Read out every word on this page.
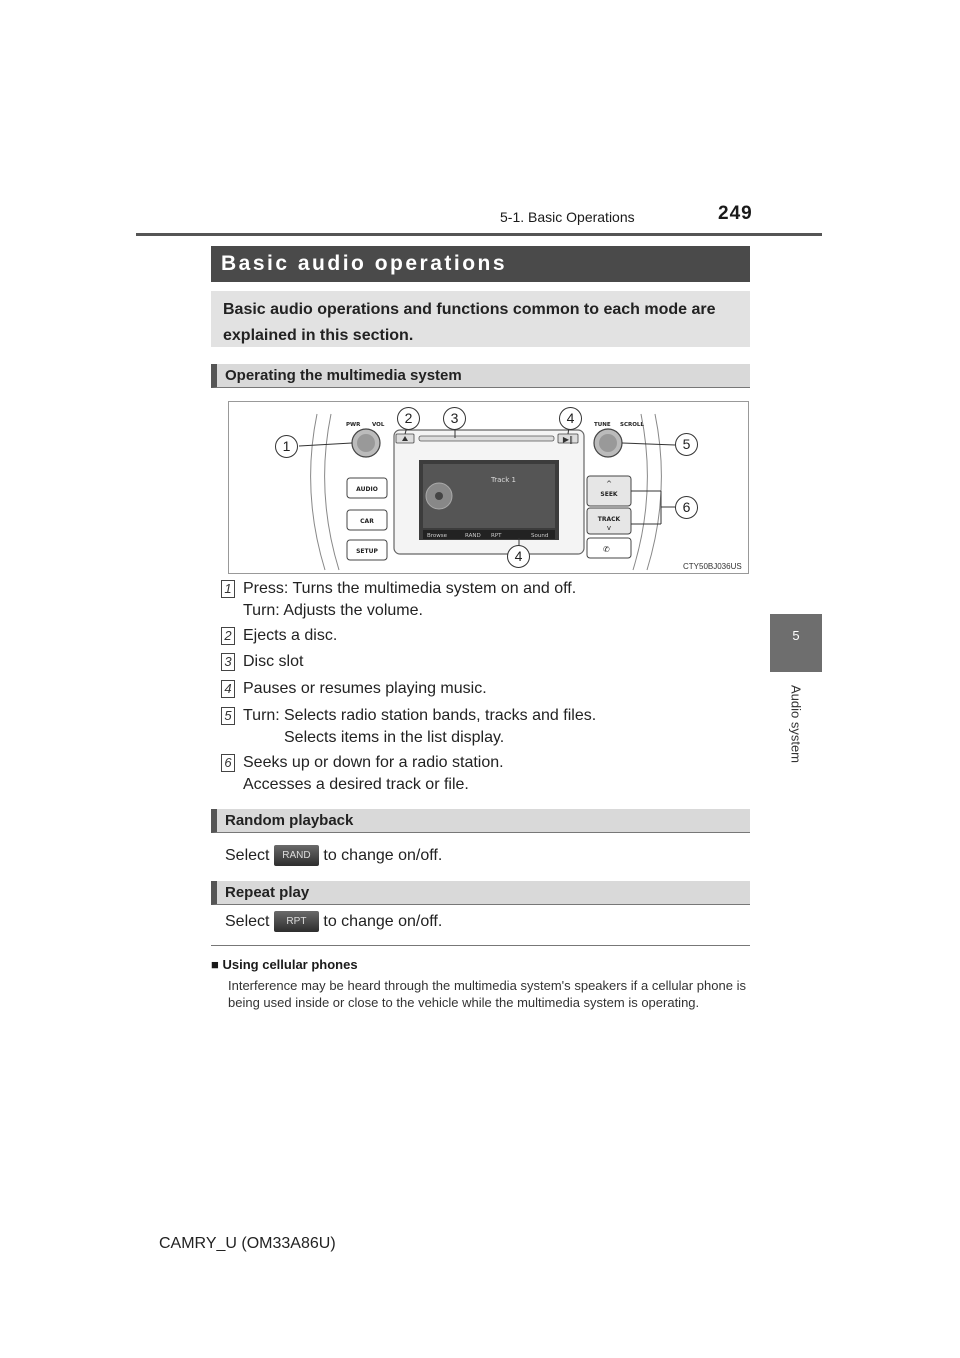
5-1. Basic Operations	249
5
Audio system
Basic audio operations
Basic audio operations and functions common to each mode are explained in this section.
Operating the multimedia system
▶‖
Track 1
Browse	RAND RPT	Sound
PWR VOL
AUDIO
CAR
SETUP
TUNE SCROLL
^
SEEK
TRACK
v
✆
1
2	3	4
5
6
4
CTY50BJ036US
1 Press: Turns the multimedia system on and off.
Turn: Adjusts the volume.
2 Ejects a disc.
3 Disc slot
4 Pauses or resumes playing music.
5 Turn: Selects radio station bands, tracks and files.
Selects items in the list display.
6 Seeks up or down for a radio station.
Accesses a desired track or file.
Random playback
Select RAND to change on/off.
Repeat play
Select RPT to change on/off.
■ Using cellular phones
Interference may be heard through the multimedia system's speakers if a cellular phone is being used inside or close to the vehicle while the multimedia system is operating.
CAMRY_U (OM33A86U)
